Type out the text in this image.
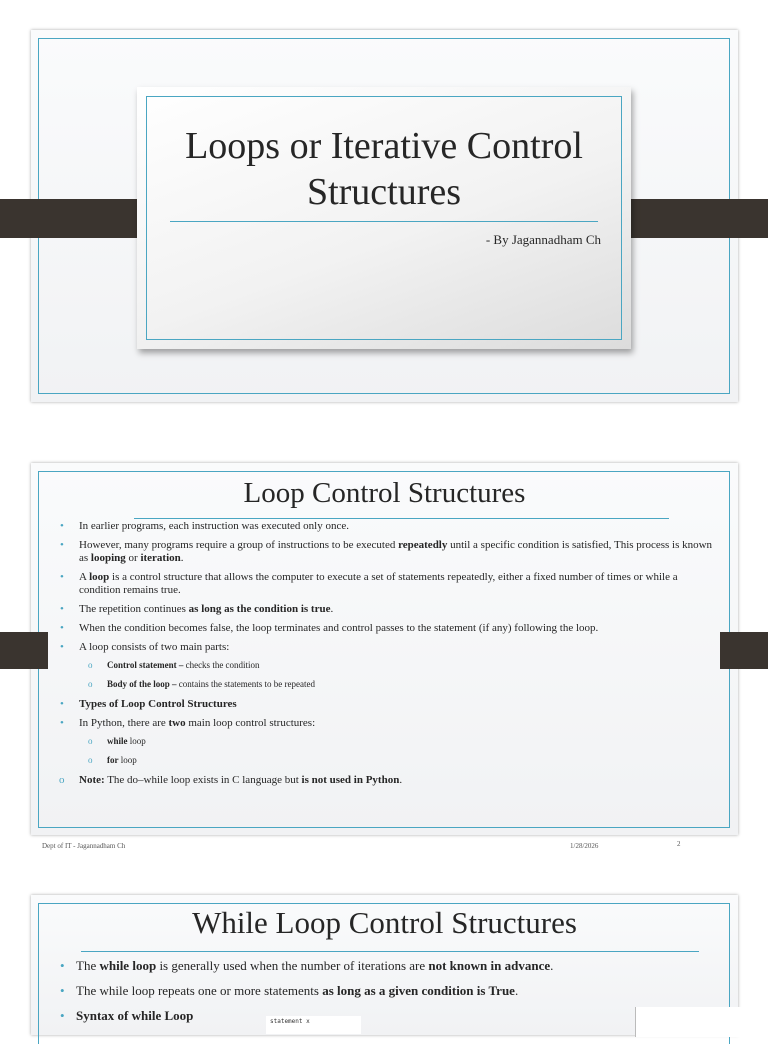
Loops or Iterative Control
Structures
- By Jagannadham Ch
Loop Control Structures
• In earlier programs, each instruction was executed only once.
• However, many programs require a group of instructions to be executed repeatedly until a specific condition is satisfied, This process is known as looping or iteration.
• A loop is a control structure that allows the computer to execute a set of statements repeatedly, either a fixed number of times or while a condition remains true.
• The repetition continues as long as the condition is true.
• When the condition becomes false, the loop terminates and control passes to the statement (if any) following the loop.
• A loop consists of two main parts:
o Control statement – checks the condition
o Body of the loop – contains the statements to be repeated
• Types of Loop Control Structures
• In Python, there are two main loop control structures:
o while loop
o for loop
o Note: The do–while loop exists in C language but is not used in Python.
Dept of IT - Jagannadham Ch	1/28/2026	2
While Loop Control Structures
• The while loop is generally used when the number of iterations are not known in advance.
• The while loop repeats one or more statements as long as a given condition is True.
• Syntax of while Loop	statement x
